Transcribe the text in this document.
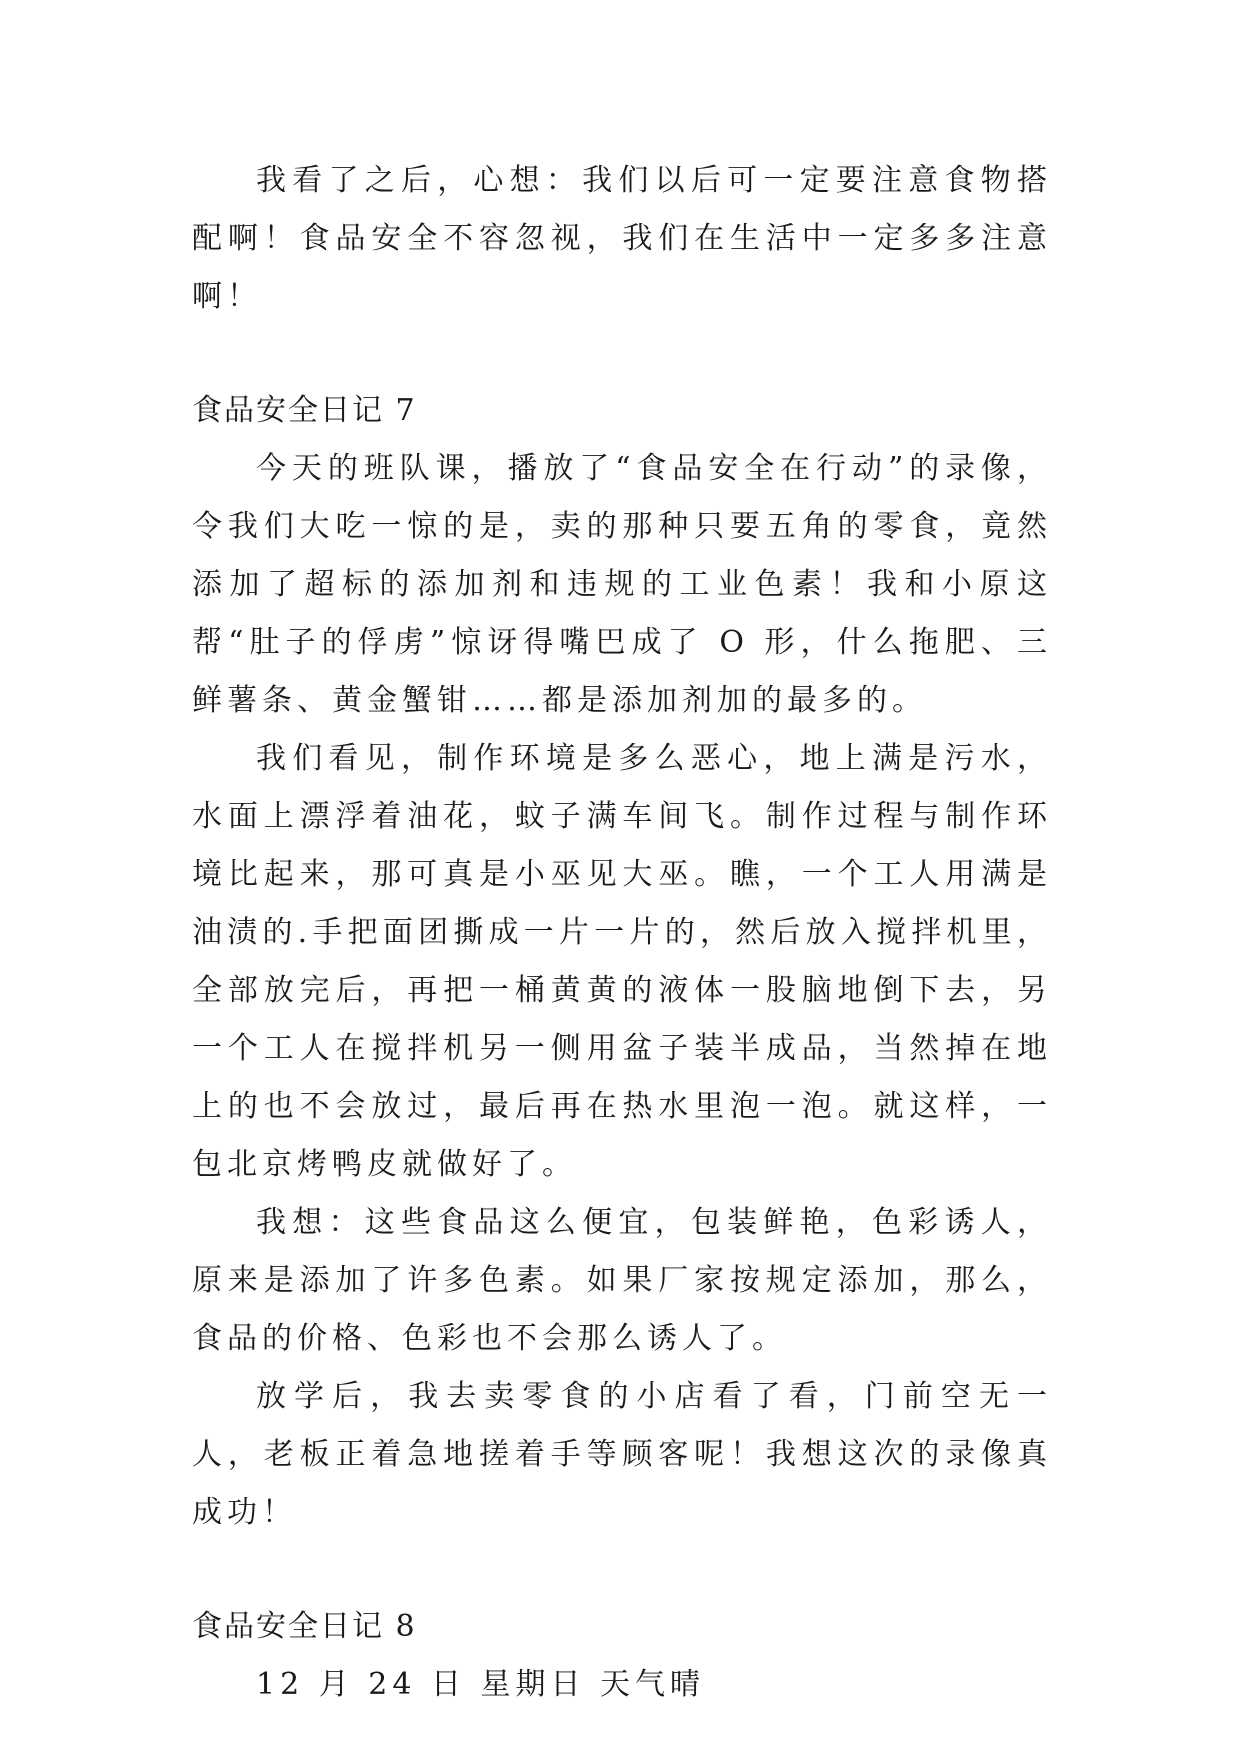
我看了之后，心想：我们以后可一定要注意食物搭配啊！食品安全不容忽视，我们在生活中一定多多注意啊！

食品安全日记 7

今天的班队课，播放了“食品安全在行动”的录像，令我们大吃一惊的是，卖的那种只要五角的零食，竟然添加了超标的添加剂和违规的工业色素！我和小原这帮“肚子的俘虏”惊讶得嘴巴成了 O 形，什么拖肥、三鲜薯条、黄金蟹钳……都是添加剂加的最多的。

我们看见，制作环境是多么恶心，地上满是污水，水面上漂浮着油花，蚊子满车间飞。制作过程与制作环境比起来，那可真是小巫见大巫。瞧，一个工人用满是油渍的.手把面团撕成一片一片的，然后放入搅拌机里，全部放完后，再把一桶黄黄的液体一股脑地倒下去，另一个工人在搅拌机另一侧用盆子装半成品，当然掉在地上的也不会放过，最后再在热水里泡一泡。就这样，一包北京烤鸭皮就做好了。

我想：这些食品这么便宜，包装鲜艳，色彩诱人，原来是添加了许多色素。如果厂家按规定添加，那么，食品的价格、色彩也不会那么诱人了。

放学后，我去卖零食的小店看了看，门前空无一人，老板正着急地搓着手等顾客呢！我想这次的录像真成功！

食品安全日记 8

12 月 24 日 星期日 天气晴
